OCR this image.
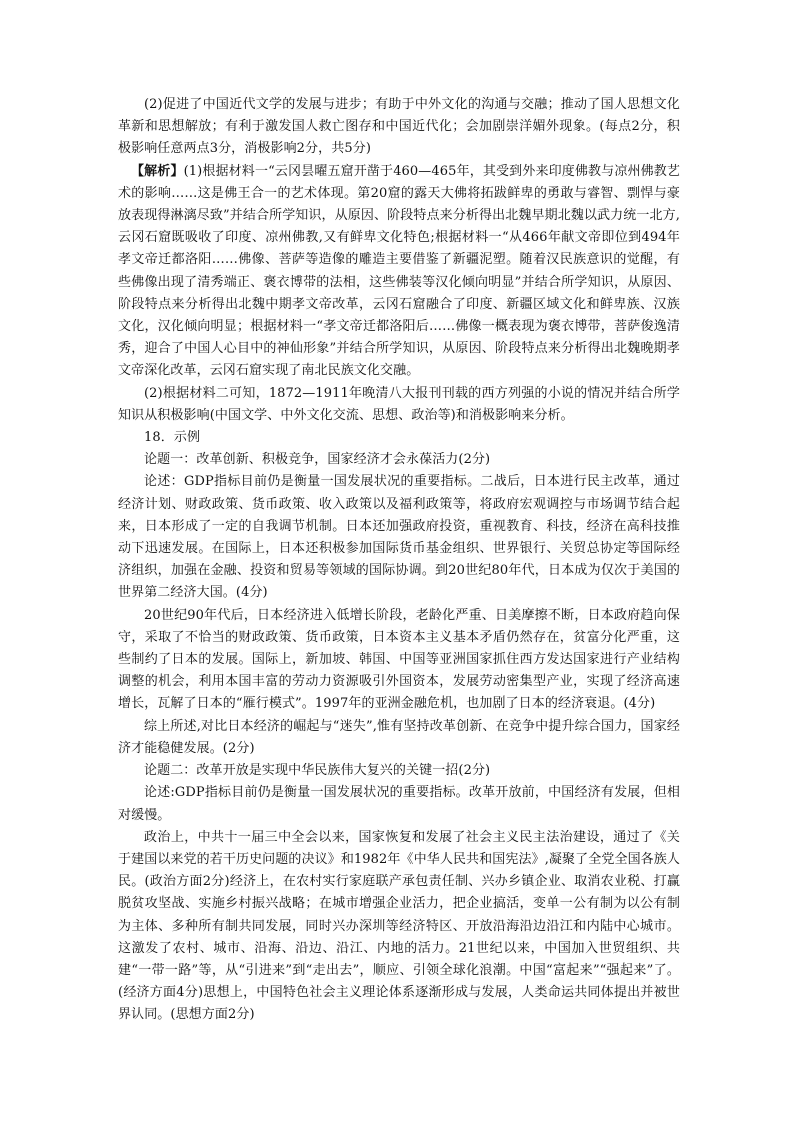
(2)促进了中国近代文学的发展与进步；有助于中外文化的沟通与交融；推动了国人思想文化革新和思想解放；有利于激发国人救亡图存和中国近代化；会加剧崇洋媚外现象。(每点2分，积极影响任意两点3分，消极影响2分，共5分)

【解析】(1)根据材料一“云冈昙曜五窟开凿于460—465年，其受到外来印度佛教与凉州佛教艺术的影响……这是佛王合一的艺术体现。第20窟的露天大佛将拓跋鲜卑的勇敢与睿智、剽悍与豪放表现得淋漓尽致”并结合所学知识，从原因、阶段特点来分析得出北魏早期北魏以武力统一北方,云冈石窟既吸收了印度、凉州佛教,又有鲜卑文化特色;根据材料一“从466年献文帝即位到494年孝文帝迁都洛阳……佛像、菩萨等造像的雕造主要借鉴了新疆泥塑。随着汉民族意识的觉醒，有些佛像出现了清秀端正、褒衣博带的法相，这些佛装等汉化倾向明显”并结合所学知识，从原因、阶段特点来分析得出北魏中期孝文帝改革，云冈石窟融合了印度、新疆区域文化和鲜卑族、汉族文化，汉化倾向明显；根据材料一“孝文帝迁都洛阳后……佛像一概表现为褒衣博带，菩萨俊逸清秀，迎合了中国人心目中的神仙形象”并结合所学知识，从原因、阶段特点来分析得出北魏晚期孝文帝深化改革，云冈石窟实现了南北民族文化交融。

(2)根据材料二可知，1872—1911年晚清八大报刊刊载的西方列强的小说的情况并结合所学知识从积极影响(中国文学、中外文化交流、思想、政治等)和消极影响来分析。

18．示例

论题一：改革创新、积极竞争，国家经济才会永葆活力(2分)

论述：GDP指标目前仍是衡量一国发展状况的重要指标。二战后，日本进行民主改革，通过经济计划、财政政策、货币政策、收入政策以及福利政策等，将政府宏观调控与市场调节结合起来，日本形成了一定的自我调节机制。日本还加强政府投资，重视教育、科技，经济在高科技推动下迅速发展。在国际上，日本还积极参加国际货币基金组织、世界银行、关贸总协定等国际经济组织，加强在金融、投资和贸易等领域的国际协调。到20世纪80年代，日本成为仅次于美国的世界第二经济大国。(4分)

20世纪90年代后，日本经济进入低增长阶段，老龄化严重、日美摩擦不断，日本政府趋向保守，采取了不恰当的财政政策、货币政策，日本资本主义基本矛盾仍然存在，贫富分化严重，这些制约了日本的发展。国际上，新加坡、韩国、中国等亚洲国家抓住西方发达国家进行产业结构调整的机会，利用本国丰富的劳动力资源吸引外国资本，发展劳动密集型产业，实现了经济高速增长，瓦解了日本的“雁行模式”。1997年的亚洲金融危机，也加剧了日本的经济衰退。(4分)

综上所述,对比日本经济的崛起与“迷失”,惟有坚持改革创新、在竞争中提升综合国力，国家经济才能稳健发展。(2分)

论题二：改革开放是实现中华民族伟大复兴的关键一招(2分)

论述:GDP指标目前仍是衡量一国发展状况的重要指标。改革开放前，中国经济有发展，但相对缓慢。

政治上，中共十一届三中全会以来，国家恢复和发展了社会主义民主法治建设，通过了《关于建国以来党的若干历史问题的决议》和1982年《中华人民共和国宪法》,凝聚了全党全国各族人民。(政治方面2分)经济上，在农村实行家庭联产承包责任制、兴办乡镇企业、取消农业税、打赢脱贫攻坚战、实施乡村振兴战略；在城市增强企业活力，把企业搞活，变单一公有制为以公有制为主体、多种所有制共同发展，同时兴办深圳等经济特区、开放沿海沿边沿江和内陆中心城市。这激发了农村、城市、沿海、沿边、沿江、内地的活力。21世纪以来，中国加入世贸组织、共建“一带一路”等，从“引进来”到“走出去”，顺应、引领全球化浪潮。中国“富起来”“强起来”了。(经济方面4分)思想上，中国特色社会主义理论体系逐渐形成与发展，人类命运共同体提出并被世界认同。(思想方面2分)
